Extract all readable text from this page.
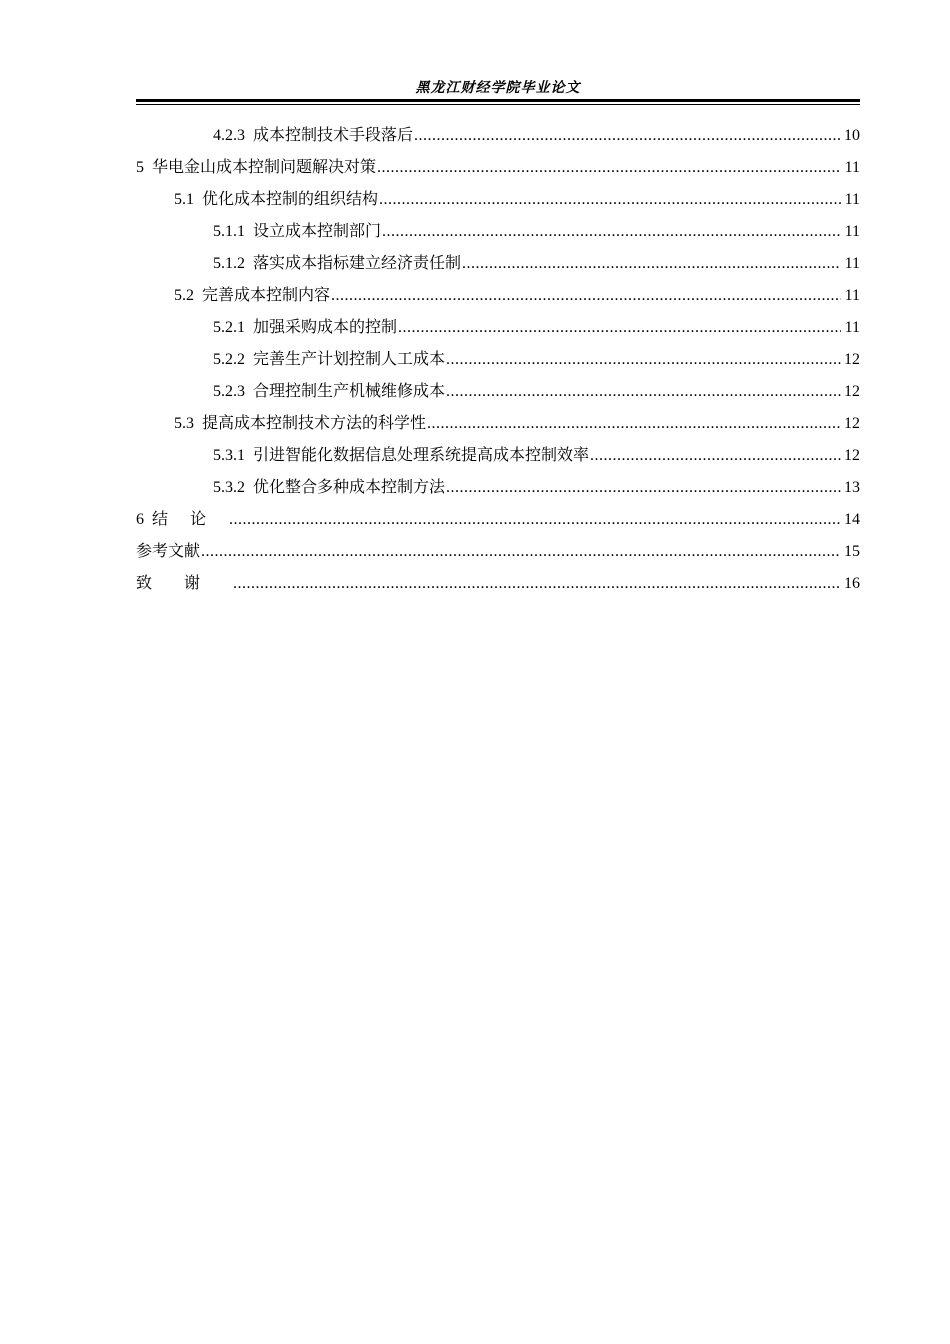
黑龙江财经学院毕业论文
4.2.3 成本控制技术手段落后 .....	10
5 华电金山成本控制问题解决对策 .....	11
5.1 优化成本控制的组织结构 .....	11
5.1.1 设立成本控制部门 .....	11
5.1.2 落实成本指标建立经济责任制 .....	11
5.2 完善成本控制内容 .....	11
5.2.1 加强采购成本的控制 .....	11
5.2.2 完善生产计划控制人工成本 .....	12
5.2.3 合理控制生产机械维修成本 .....	12
5.3 提高成本控制技术方法的科学性 .....	12
5.3.1 引进智能化数据信息处理系统提高成本控制效率 .....	12
5.3.2 优化整合多种成本控制方法 .....	13
6 结论 .....	14
参考文献 .....	15
致谢 .....	16
